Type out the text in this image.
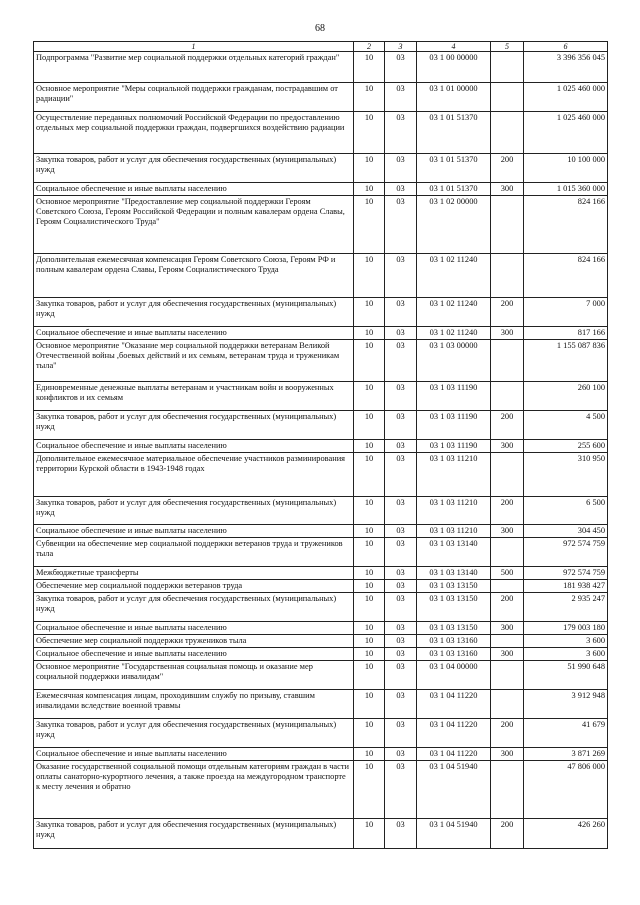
68
1	2	3	4	5	6
Подпрограмма "Развитие мер социальной поддержки отдельных категорий граждан"	10	03	03 1 00 00000		3 396 356 045
Основное мероприятие "Меры социальной поддержки гражданам, пострадавшим от радиации"	10	03	03 1 01 00000		1 025 460 000
Осуществление переданных полномочий Российской Федерации по предоставлению отдельных мер социальной поддержки граждан, подвергшихся воздействию радиации	10	03	03 1 01 51370		1 025 460 000
Закупка товаров, работ и услуг для обеспечения государственных (муниципальных) нужд	10	03	03 1 01 51370	200	10 100 000
Социальное обеспечение и иные выплаты населению	10	03	03 1 01 51370	300	1 015 360 000
Основное мероприятие "Предоставление мер социальной поддержки Героям Советского Союза, Героям Российской Федерации и полным кавалерам ордена Славы, Героям Социалистического Труда"	10	03	03 1 02 00000		824 166
Дополнительная ежемесячная компенсация Героям Советского Союза, Героям РФ и полным кавалерам ордена Славы, Героям Социалистического Труда	10	03	03 1 02 11240		824 166
Закупка товаров, работ и услуг для обеспечения государственных (муниципальных) нужд	10	03	03 1 02 11240	200	7 000
Социальное обеспечение и иные выплаты населению	10	03	03 1 02 11240	300	817 166
Основное мероприятие "Оказание мер социальной поддержки ветеранам Великой Отечественной войны ,боевых действий и их семьям, ветеранам труда и труженикам тыла"	10	03	03 1 03 00000		1 155 087 836
Единовременные денежные выплаты ветеранам и участникам войн и вооруженных конфликтов и их семьям	10	03	03 1 03 11190		260 100
Закупка товаров, работ и услуг для обеспечения государственных (муниципальных) нужд	10	03	03 1 03 11190	200	4 500
Социальное обеспечение и иные выплаты населению	10	03	03 1 03 11190	300	255 600
Дополнительное ежемесячное материальное обеспечение участников разминирования территории Курской области в 1943-1948 годах	10	03	03 1 03 11210		310 950
Закупка товаров, работ и услуг для обеспечения государственных (муниципальных) нужд	10	03	03 1 03 11210	200	6 500
Социальное обеспечение и иные выплаты населению	10	03	03 1 03 11210	300	304 450
Субвенции на обеспечение мер социальной поддержки ветеранов труда и тружеников тыла	10	03	03 1 03 13140		972 574 759
Межбюджетные трансферты	10	03	03 1 03 13140	500	972 574 759
Обеспечение мер социальной поддержки ветеранов труда	10	03	03 1 03 13150		181 938 427
Закупка товаров, работ и услуг для обеспечения государственных (муниципальных) нужд	10	03	03 1 03 13150	200	2 935 247
Социальное обеспечение и иные выплаты населению	10	03	03 1 03 13150	300	179 003 180
Обеспечение мер социальной поддержки тружеников тыла	10	03	03 1 03 13160		3 600
Социальное обеспечение и иные выплаты населению	10	03	03 1 03 13160	300	3 600
Основное мероприятие "Государственная социальная помощь и оказание мер социальной поддержки инвалидам"	10	03	03 1 04 00000		51 990 648
Ежемесячная компенсация лицам, проходившим службу по призыву, ставшим инвалидами вследствие военной травмы	10	03	03 1 04 11220		3 912 948
Закупка товаров, работ и услуг для обеспечения государственных (муниципальных) нужд	10	03	03 1 04 11220	200	41 679
Социальное обеспечение и иные выплаты населению	10	03	03 1 04 11220	300	3 871 269
Оказание государственной социальной помощи отдельным категориям граждан в части оплаты санаторно-курортного лечения, а также проезда на междугородном транспорте к месту лечения и обратно	10	03	03 1 04 51940		47 806 000
Закупка товаров, работ и услуг для обеспечения государственных (муниципальных) нужд	10	03	03 1 04 51940	200	426 260
